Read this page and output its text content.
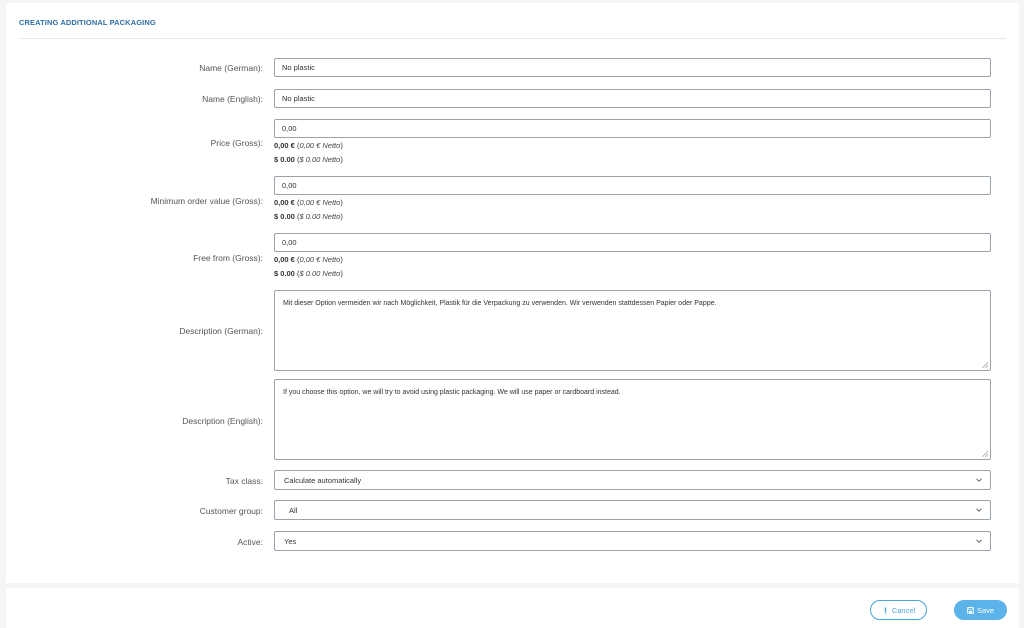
CREATING ADDITIONAL PACKAGING
Name (German):	No plastic
Name (English):	No plastic
Price (Gross):
0,00
0,00 € (0,00 € Netto)
$ 0.00 ($ 0.00 Netto)
Minimum order value (Gross):
0,00
0,00 € (0,00 € Netto)
$ 0.00 ($ 0.00 Netto)
Free from (Gross):
0,00
0,00 € (0,00 € Netto)
$ 0.00 ($ 0.00 Netto)
Description (German):
Mit dieser Option vermeiden wir nach Möglichkeit, Plastik für die Verpackung zu verwenden. Wir verwenden stattdessen Papier oder Pappe.
Description (English):
If you choose this option, we will try to avoid using plastic packaging. We will use paper or cardboard instead.
Tax class:	Calculate automatically
Customer group:	All
Active:	Yes
Cancel	Save
